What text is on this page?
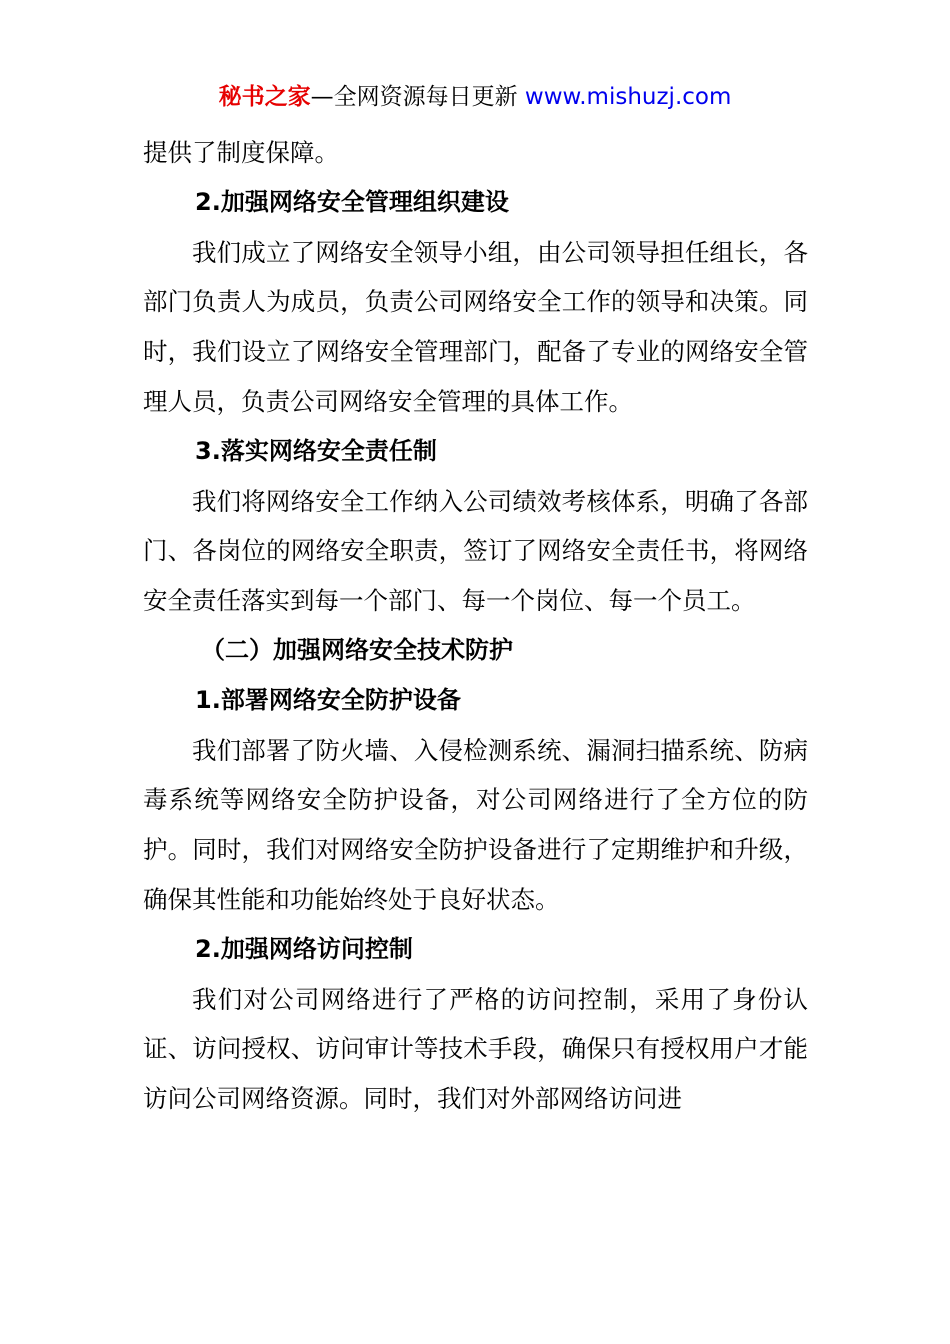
秘书之家—全网资源每日更新 www.mishuzj.com

提供了制度保障。

2.加强网络安全管理组织建设

我们成立了网络安全领导小组，由公司领导担任组长，各部门负责人为成员，负责公司网络安全工作的领导和决策。同时，我们设立了网络安全管理部门，配备了专业的网络安全管理人员，负责公司网络安全管理的具体工作。

3.落实网络安全责任制

我们将网络安全工作纳入公司绩效考核体系，明确了各部门、各岗位的网络安全职责，签订了网络安全责任书，将网络安全责任落实到每一个部门、每一个岗位、每一个员工。

（二）加强网络安全技术防护

1.部署网络安全防护设备

我们部署了防火墙、入侵检测系统、漏洞扫描系统、防病毒系统等网络安全防护设备，对公司网络进行了全方位的防护。同时，我们对网络安全防护设备进行了定期维护和升级，确保其性能和功能始终处于良好状态。

2.加强网络访问控制

我们对公司网络进行了严格的访问控制，采用了身份认证、访问授权、访问审计等技术手段，确保只有授权用户才能访问公司网络资源。同时，我们对外部网络访问进
